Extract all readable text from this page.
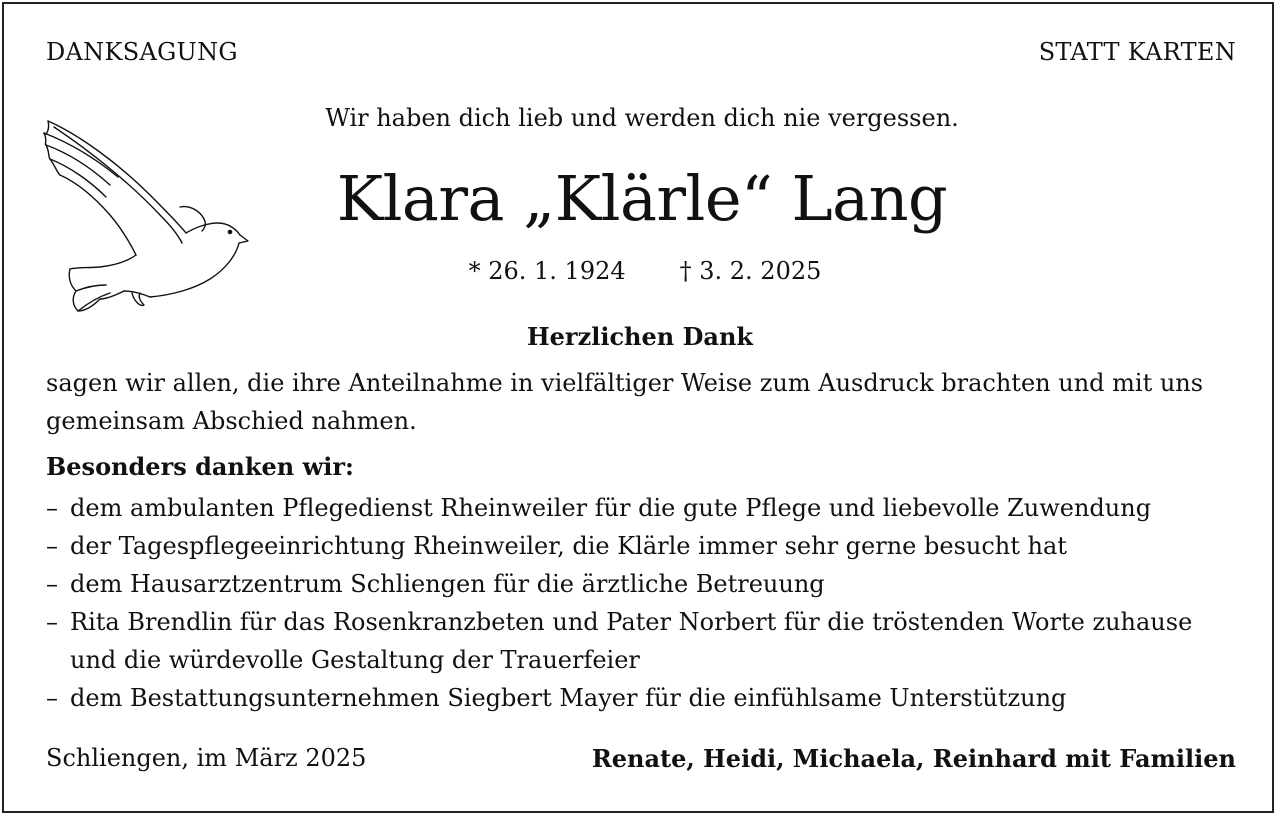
DANKSAGUNG	STATT KARTEN
Wir haben dich lieb und werden dich nie vergessen.
Klara „Klärle“ Lang
* 26. 1. 1924 † 3. 2. 2025
Herzlichen Dank
sagen wir allen, die ihre Anteilnahme in vielfältiger Weise zum Ausdruck brachten und mit uns gemeinsam Abschied nahmen.
Besonders danken wir:
– dem ambulanten Pflegedienst Rheinweiler für die gute Pflege und liebevolle Zuwendung
– der Tagespflegeeinrichtung Rheinweiler, die Klärle immer sehr gerne besucht hat
– dem Hausarztzentrum Schliengen für die ärztliche Betreuung
– Rita Brendlin für das Rosenkranzbeten und Pater Norbert für die tröstenden Worte zuhause und die würdevolle Gestaltung der Trauerfeier
– dem Bestattungsunternehmen Siegbert Mayer für die einfühlsame Unterstützung
Schliengen, im März 2025	Renate, Heidi, Michaela, Reinhard mit Familien
